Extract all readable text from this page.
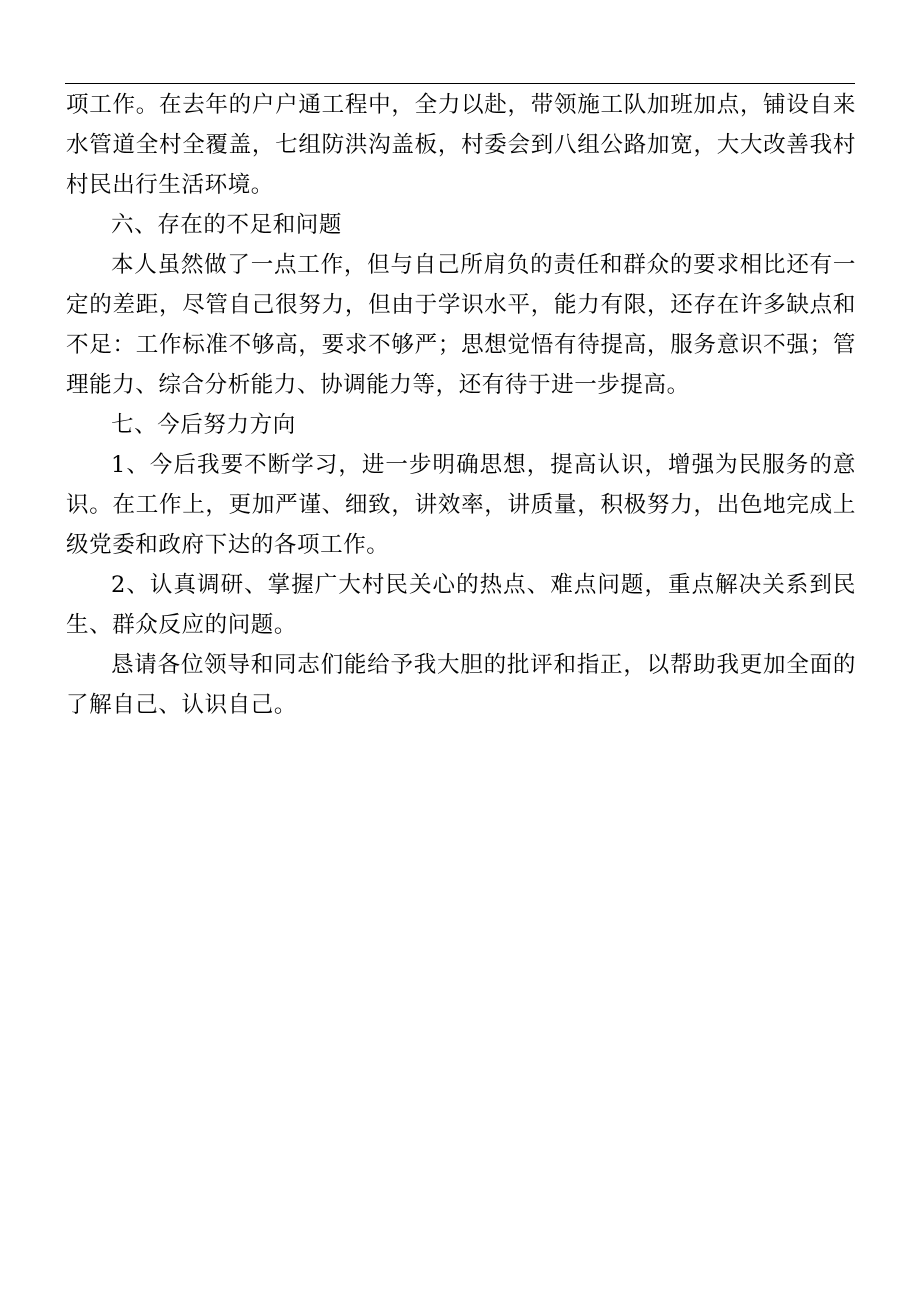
项工作。在去年的户户通工程中，全力以赴，带领施工队加班加点，铺设自来水管道全村全覆盖，七组防洪沟盖板，村委会到八组公路加宽，大大改善我村村民出行生活环境。

六、存在的不足和问题

本人虽然做了一点工作，但与自己所肩负的责任和群众的要求相比还有一定的差距，尽管自己很努力，但由于学识水平，能力有限，还存在许多缺点和不足：工作标准不够高，要求不够严；思想觉悟有待提高，服务意识不强；管理能力、综合分析能力、协调能力等，还有待于进一步提高。

七、今后努力方向

1、今后我要不断学习，进一步明确思想，提高认识，增强为民服务的意识。在工作上，更加严谨、细致，讲效率，讲质量，积极努力，出色地完成上级党委和政府下达的各项工作。

2、认真调研、掌握广大村民关心的热点、难点问题，重点解决关系到民生、群众反应的问题。

恳请各位领导和同志们能给予我大胆的批评和指正，以帮助我更加全面的了解自己、认识自己。
